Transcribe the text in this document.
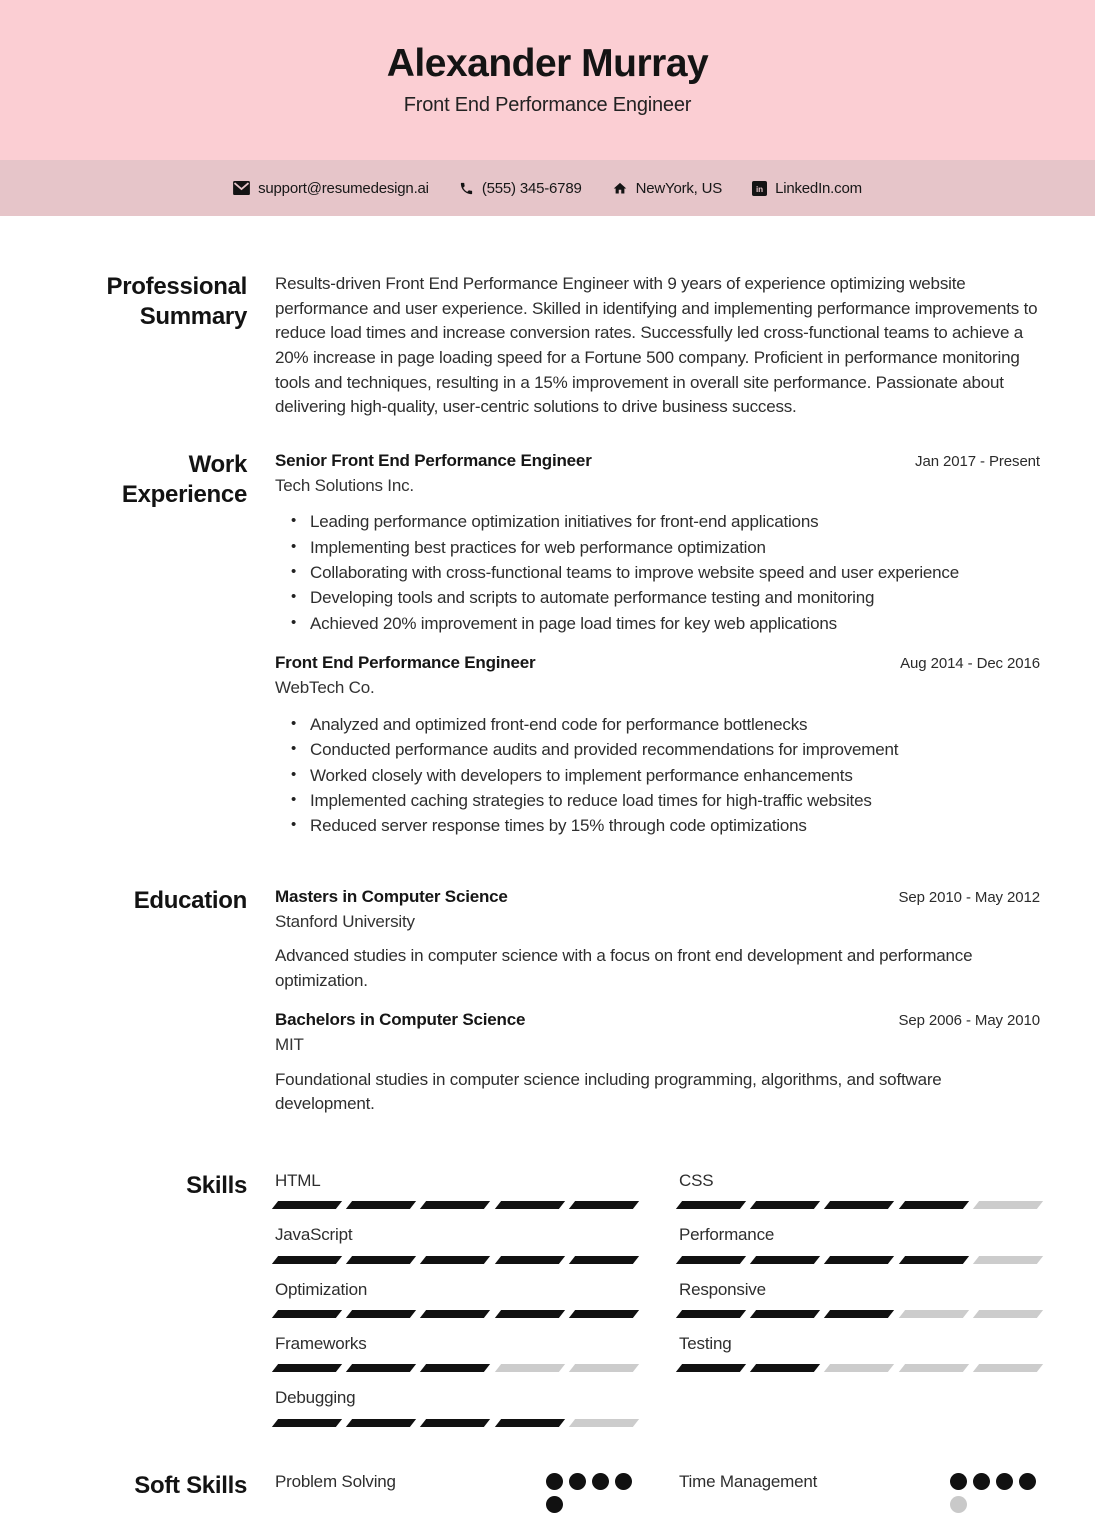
Alexander Murray
Front End Performance Engineer
support@resumedesign.ai	(555) 345-6789	NewYork, US	in LinkedIn.com
Professional Summary

Results-driven Front End Performance Engineer with 9 years of experience optimizing website performance and user experience. Skilled in identifying and implementing performance improvements to reduce load times and increase conversion rates. Successfully led cross-functional teams to achieve a 20% increase in page loading speed for a Fortune 500 company. Proficient in performance monitoring tools and techniques, resulting in a 15% improvement in overall site performance. Passionate about delivering high-quality, user-centric solutions to drive business success.

Work Experience
Senior Front End Performance Engineer	Jan 2017 - Present
Tech Solutions Inc.
• Leading performance optimization initiatives for front-end applications
• Implementing best practices for web performance optimization
• Collaborating with cross-functional teams to improve website speed and user experience
• Developing tools and scripts to automate performance testing and monitoring
• Achieved 20% improvement in page load times for key web applications
Front End Performance Engineer	Aug 2014 - Dec 2016
WebTech Co.
• Analyzed and optimized front-end code for performance bottlenecks
• Conducted performance audits and provided recommendations for improvement
• Worked closely with developers to implement performance enhancements
• Implemented caching strategies to reduce load times for high-traffic websites
• Reduced server response times by 15% through code optimizations
Education Masters in Computer Science	Sep 2010 - May 2012
Stanford University
Advanced studies in computer science with a focus on front end development and performance optimization.
Bachelors in Computer Science	Sep 2006 - May 2010
MIT
Foundational studies in computer science including programming, algorithms, and software development.
Skills HTML	CSS
JavaScript	Performance
Optimization	Responsive
Frameworks	Testing
Debugging
Soft Skills Problem Solving	Time Management
